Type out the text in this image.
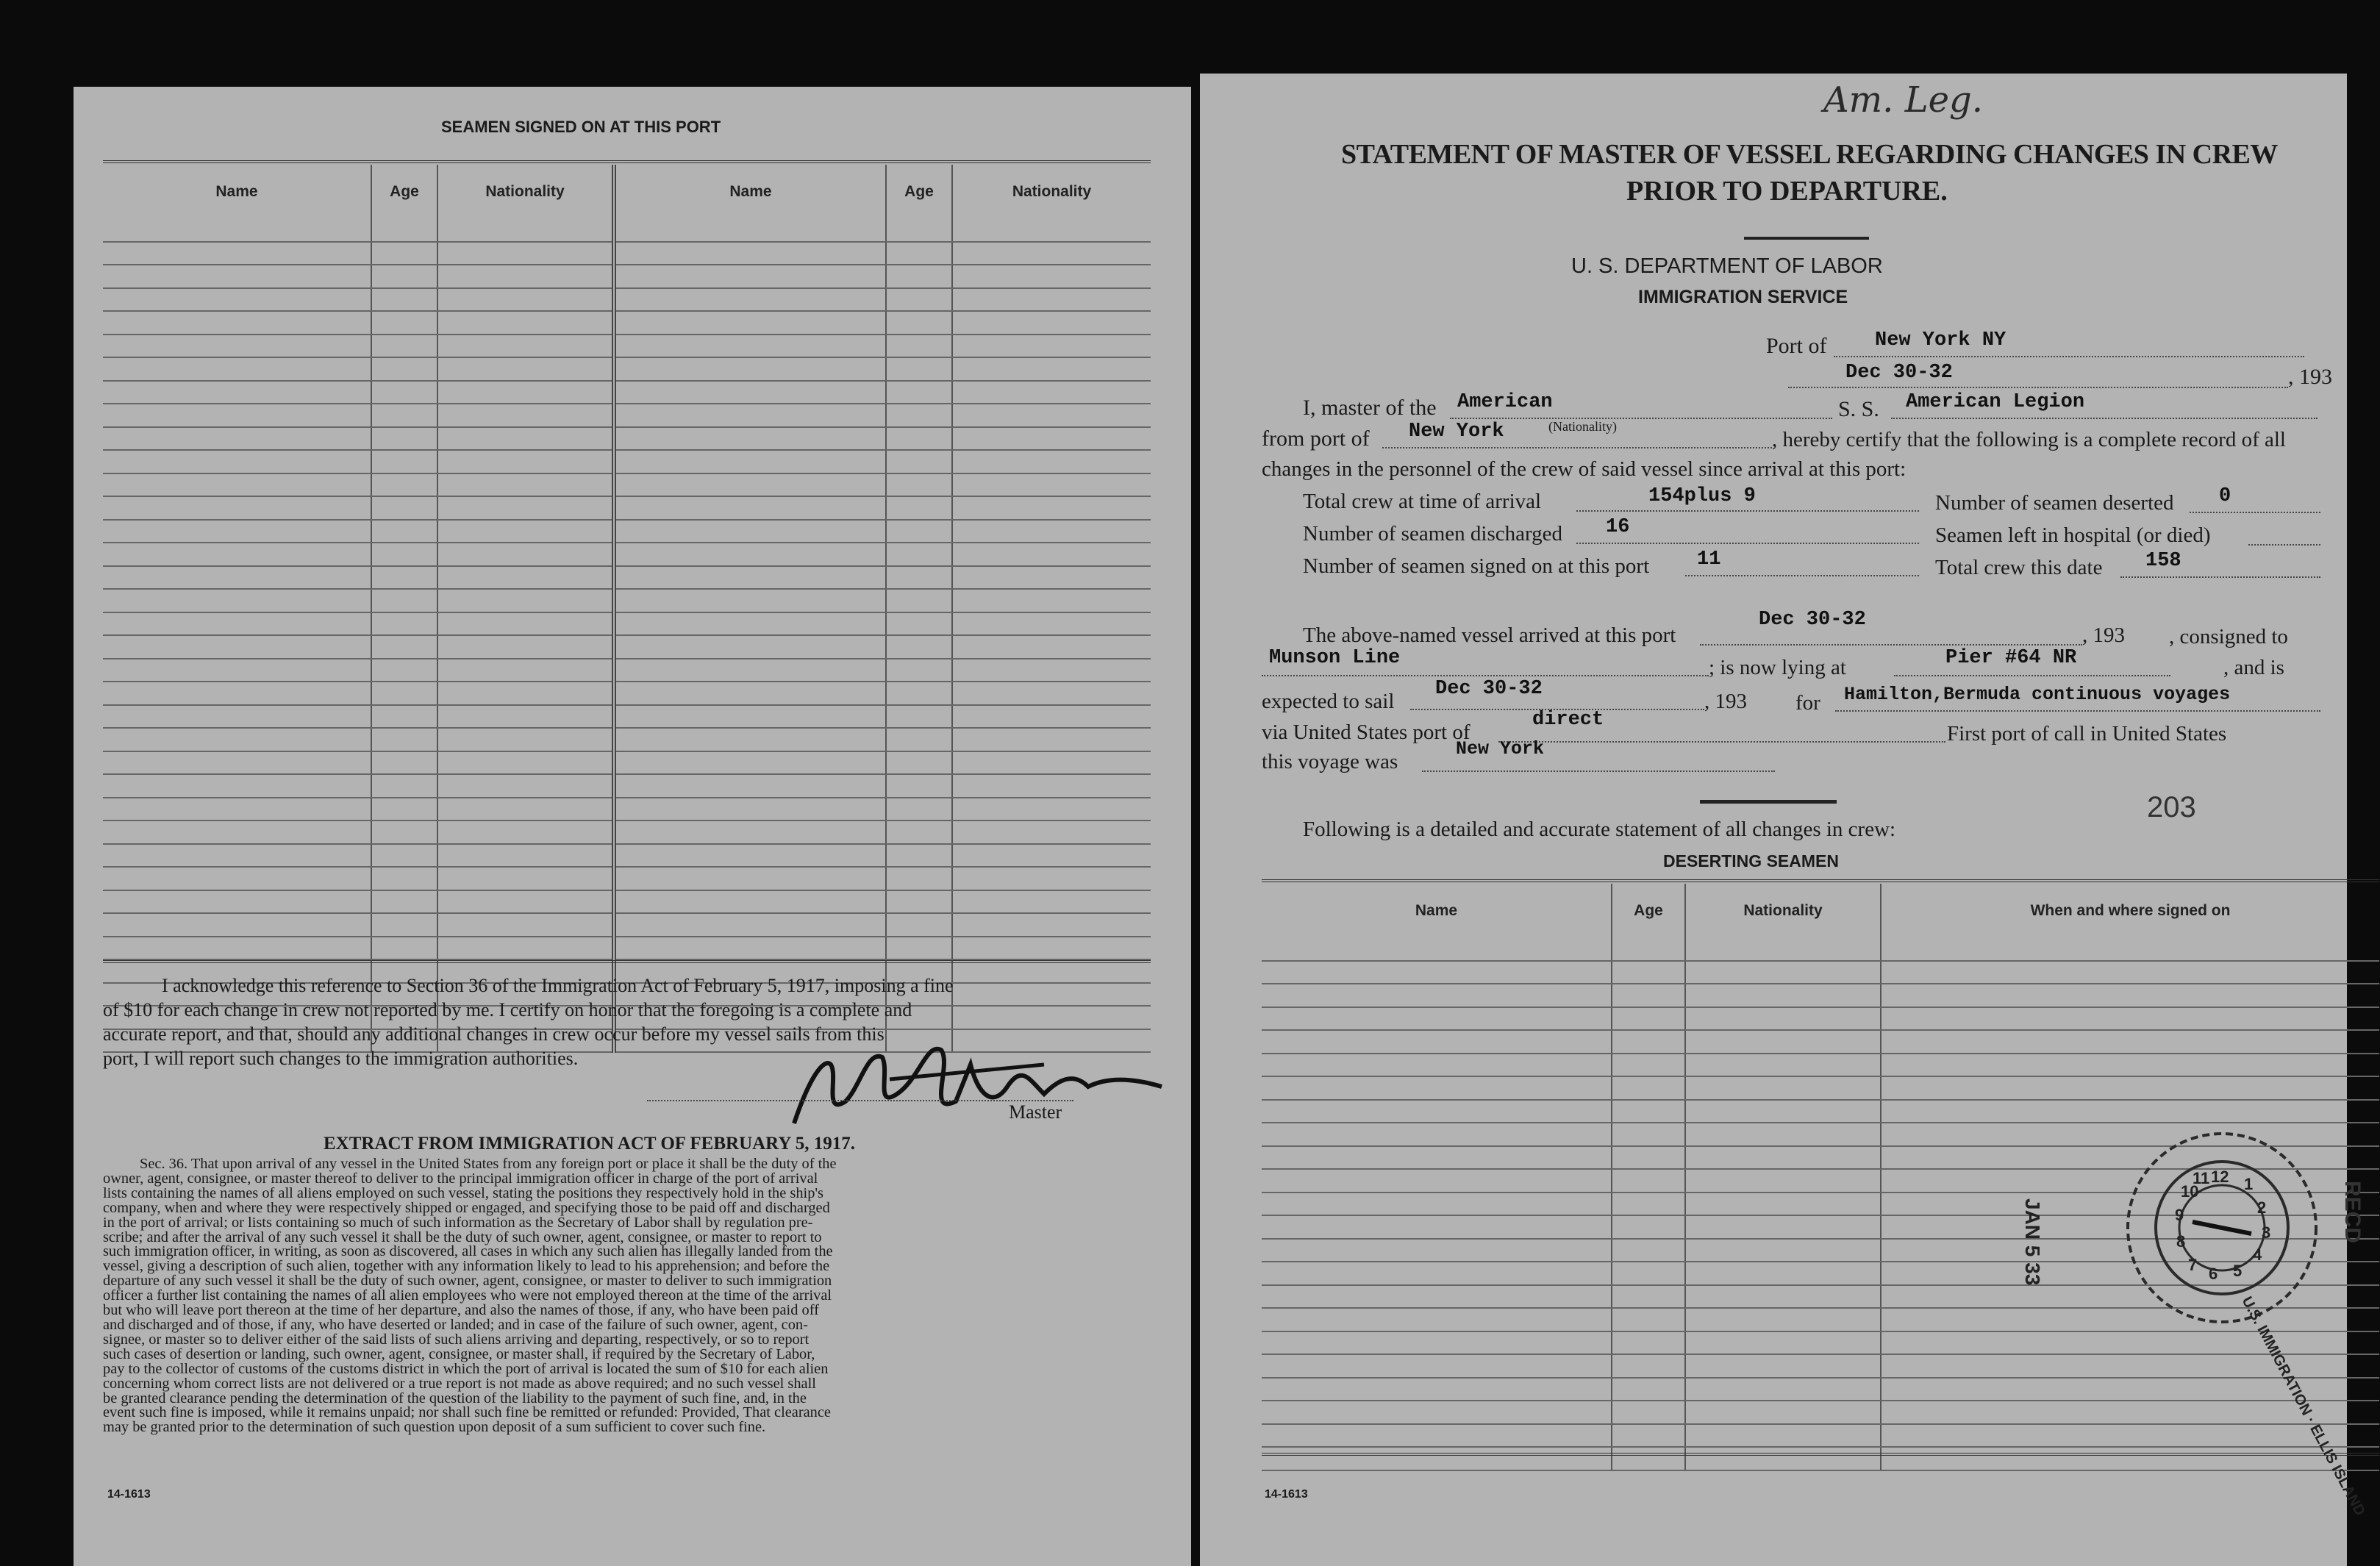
SEAMEN SIGNED ON AT THIS PORT
Name	Age	Nationality	Name	Age	Nationality

I acknowledge this reference to Section 36 of the Immigration Act of February 5, 1917, imposing a fine
of $10 for each change in crew not reported by me. I certify on honor that the foregoing is a complete and
accurate report, and that, should any additional changes in crew occur before my vessel sails from this
port, I will report such changes to the immigration authorities.
Master
EXTRACT FROM IMMIGRATION ACT OF FEBRUARY 5, 1917.
Sec. 36. That upon arrival of any vessel in the United States from any foreign port or place it shall be the duty of the
owner, agent, consignee, or master thereof to deliver to the principal immigration officer in charge of the port of arrival
lists containing the names of all aliens employed on such vessel, stating the positions they respectively hold in the ship's
company, when and where they were respectively shipped or engaged, and specifying those to be paid off and discharged
in the port of arrival; or lists containing so much of such information as the Secretary of Labor shall by regulation pre-
scribe; and after the arrival of any such vessel it shall be the duty of such owner, agent, consignee, or master to report to
such immigration officer, in writing, as soon as discovered, all cases in which any such alien has illegally landed from the
vessel, giving a description of such alien, together with any information likely to lead to his apprehension; and before the
departure of any such vessel it shall be the duty of such owner, agent, consignee, or master to deliver to such immigration
officer a further list containing the names of all alien employees who were not employed thereon at the time of the arrival
but who will leave port thereon at the time of her departure, and also the names of those, if any, who have been paid off
and discharged and of those, if any, who have deserted or landed; and in case of the failure of such owner, agent, con-
signee, or master so to deliver either of the said lists of such aliens arriving and departing, respectively, or so to report
such cases of desertion or landing, such owner, agent, consignee, or master shall, if required by the Secretary of Labor,
pay to the collector of customs of the customs district in which the port of arrival is located the sum of $10 for each alien
concerning whom correct lists are not delivered or a true report is not made as above required; and no such vessel shall
be granted clearance pending the determination of the question of the liability to the payment of such fine, and, in the
event such fine is imposed, while it remains unpaid; nor shall such fine be remitted or refunded: Provided, That clearance
may be granted prior to the determination of such question upon deposit of a sum sufficient to cover such fine.
14-1613
STATEMENT OF MASTER OF VESSEL REGARDING CHANGES IN CREW
PRIOR TO DEPARTURE.
U. S. DEPARTMENT OF LABOR
IMMIGRATION SERVICE
Port of New York NY
Dec 30-32	, 193
I, master of the American	S. S. American Legion
from port of New York	(Nationality)
, hereby certify that the following is a complete record of all
changes in the personnel of the crew of said vessel since arrival at this port:
Total crew at time of arrival	154plus 9	Number of seamen deserted 0
Number of seamen discharged 16	Seamen left in hospital (or died)
Number of seamen signed on at this port 11	Total crew this date 158
The above-named vessel arrived at this port
Dec 30-32
, 193 , consigned to
Munson Line	; is now lying at	Pier #64 NR	, and is
expected to sail
Dec 30-32
, 193 for Hamilton,Bermuda continuous voyages
via United States port of
direct
First port of call in United States
this voyage was
New York
203
Following is a detailed and accurate statement of all changes in crew:
DESERTING SEAMEN
Name	Age	Nationality	When and where signed on

12 1
2
3
4
5
6
7
8
9
10
11
U.S. IMMIGRATION · ELLIS ISLAND
RECD
JAN 5 33
14-1613
Am. Leg.
